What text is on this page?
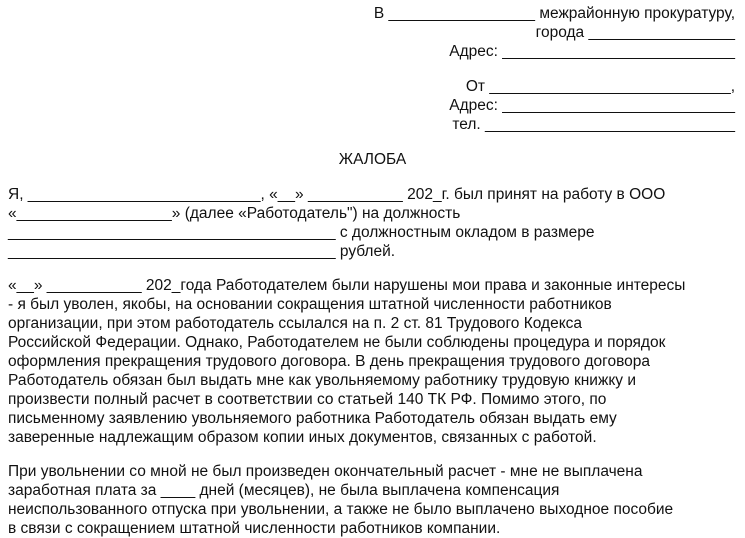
В _________________ межрайонную прокуратуру,
города _________________
Адрес: ___________________________
От ____________________________,
Адрес: ___________________________
тел. _____________________________
ЖАЛОБА
Я, ___________________________, «__» ___________ 202_г. был принят на работу в ООО
«__________________» (далее «Работодатель") на должность
______________________________________ с должностным окладом в размере
______________________________________ рублей.
«__» ___________ 202_года Работодателем были нарушены мои права и законные интересы
- я был уволен, якобы, на основании сокращения штатной численности работников
организации, при этом работодатель ссылался на п. 2 ст. 81 Трудового Кодекса
Российской Федерации. Однако, Работодателем не были соблюдены процедура и порядок
оформления прекращения трудового договора. В день прекращения трудового договора
Работодатель обязан был выдать мне как увольняемому работнику трудовую книжку и
произвести полный расчет в соответствии со статьей 140 ТК РФ. Помимо этого, по
письменному заявлению увольняемого работника Работодатель обязан выдать ему
заверенные надлежащим образом копии иных документов, связанных с работой.
При увольнении со мной не был произведен окончательный расчет - мне не выплачена
заработная плата за ____ дней (месяцев), не была выплачена компенсация
неиспользованного отпуска при увольнении, а также не было выплачено выходное пособие
в связи с сокращением штатной численности работников компании.
